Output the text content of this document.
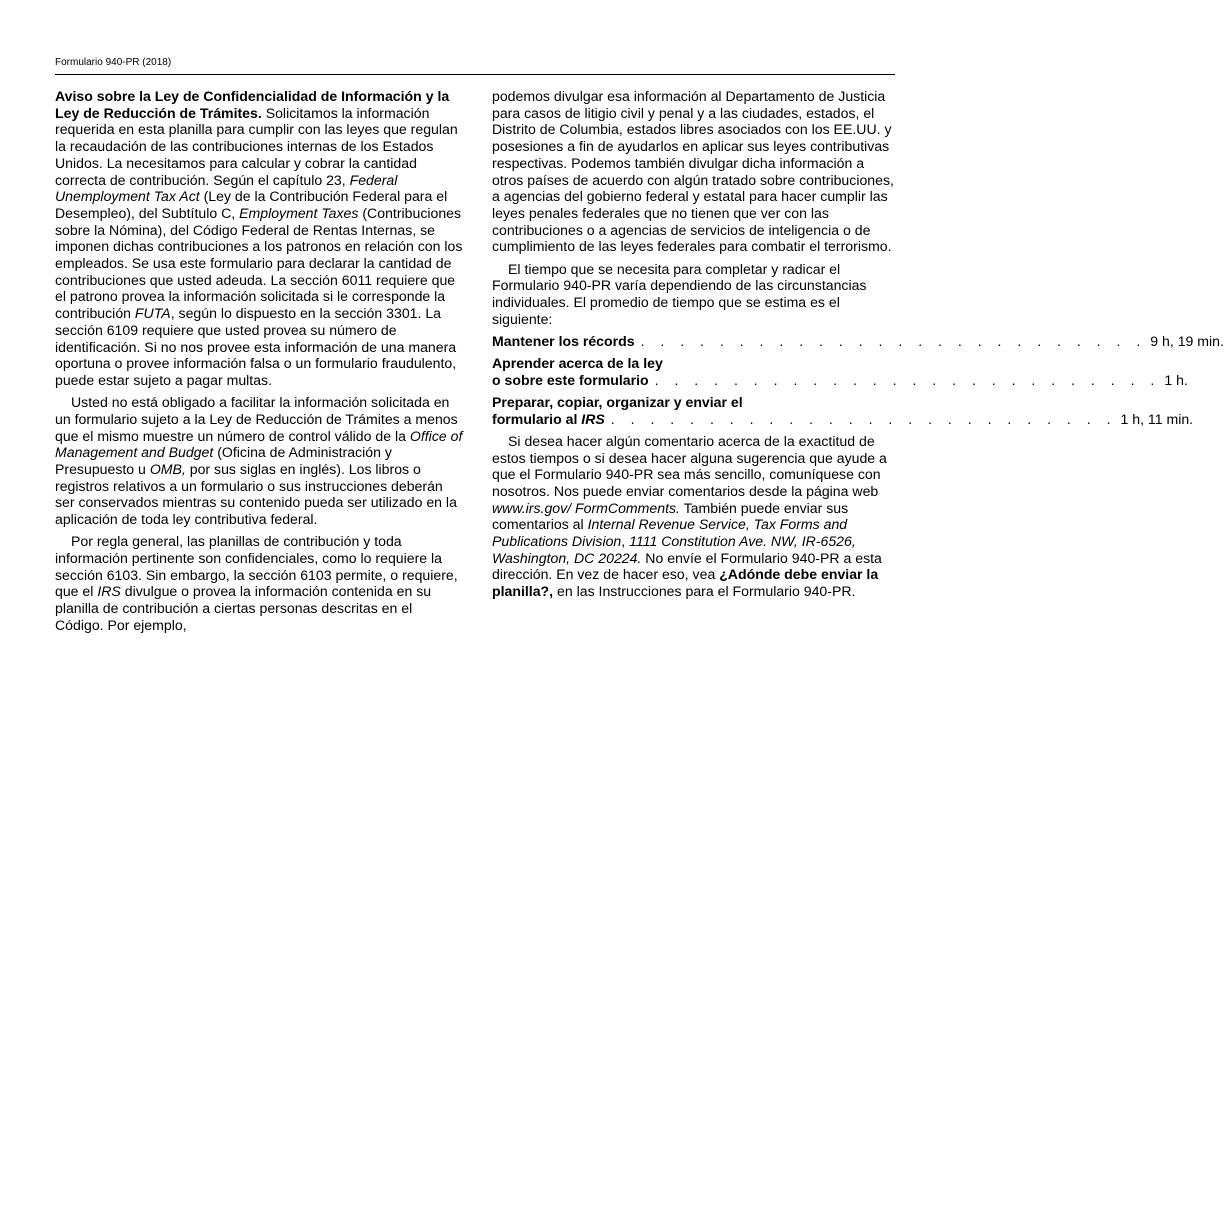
Formulario 940-PR (2018)

Aviso sobre la Ley de Confidencialidad de Información y la Ley de Reducción de Trámites. Solicitamos la información requerida en esta planilla para cumplir con las leyes que regulan la recaudación de las contribuciones internas de los Estados Unidos. La necesitamos para calcular y cobrar la cantidad correcta de contribución. Según el capítulo 23, Federal Unemployment Tax Act (Ley de la Contribución Federal para el Desempleo), del Subtítulo C, Employment Taxes (Contribuciones sobre la Nómina), del Código Federal de Rentas Internas, se imponen dichas contribuciones a los patronos en relación con los empleados. Se usa este formulario para declarar la cantidad de contribuciones que usted adeuda. La sección 6011 requiere que el patrono provea la información solicitada si le corresponde la contribución FUTA, según lo dispuesto en la sección 3301. La sección 6109 requiere que usted provea su número de identificación. Si no nos provee esta información de una manera oportuna o provee información falsa o un formulario fraudulento, puede estar sujeto a pagar multas.

Usted no está obligado a facilitar la información solicitada en un formulario sujeto a la Ley de Reducción de Trámites a menos que el mismo muestre un número de control válido de la Office of Management and Budget (Oficina de Administración y Presupuesto u OMB, por sus siglas en inglés). Los libros o registros relativos a un formulario o sus instrucciones deberán ser conservados mientras su contenido pueda ser utilizado en la aplicación de toda ley contributiva federal.

Por regla general, las planillas de contribución y toda información pertinente son confidenciales, como lo requiere la sección 6103. Sin embargo, la sección 6103 permite, o requiere, que el IRS divulgue o provea la información contenida en su planilla de contribución a ciertas personas descritas en el Código. Por ejemplo,

podemos divulgar esa información al Departamento de Justicia para casos de litigio civil y penal y a las ciudades, estados, el Distrito de Columbia, estados libres asociados con los EE.UU. y posesiones a fin de ayudarlos en aplicar sus leyes contributivas respectivas. Podemos también divulgar dicha información a otros países de acuerdo con algún tratado sobre contribuciones, a agencias del gobierno federal y estatal para hacer cumplir las leyes penales federales que no tienen que ver con las contribuciones o a agencias de servicios de inteligencia o de cumplimiento de las leyes federales para combatir el terrorismo.

El tiempo que se necesita para completar y radicar el Formulario 940-PR varía dependiendo de las circunstancias individuales. El promedio de tiempo que se estima es el siguiente:

Mantener los récords . . . . . . . . . . . . . . . . . . . . . . . . . . 9 h, 19 min.
Aprender acerca de la ley
o sobre este formulario . . . . . . . . . . . . . . . . . . . . . . . . . . 1 h.
Preparar, copiar, organizar y enviar el
formulario al IRS . . . . . . . . . . . . . . . . . . . . . . . . . . 1 h, 11 min.

Si desea hacer algún comentario acerca de la exactitud de estos tiempos o si desea hacer alguna sugerencia que ayude a que el Formulario 940-PR sea más sencillo, comuníquese con nosotros. Nos puede enviar comentarios desde la página web www.irs.gov/ FormComments. También puede enviar sus comentarios al Internal Revenue Service, Tax Forms and Publications Division, 1111 Constitution Ave. NW, IR-6526, Washington, DC 20224. No envíe el Formulario 940-PR a esta dirección. En vez de hacer eso, vea ¿Adónde debe enviar la planilla?, en las Instrucciones para el Formulario 940-PR.
